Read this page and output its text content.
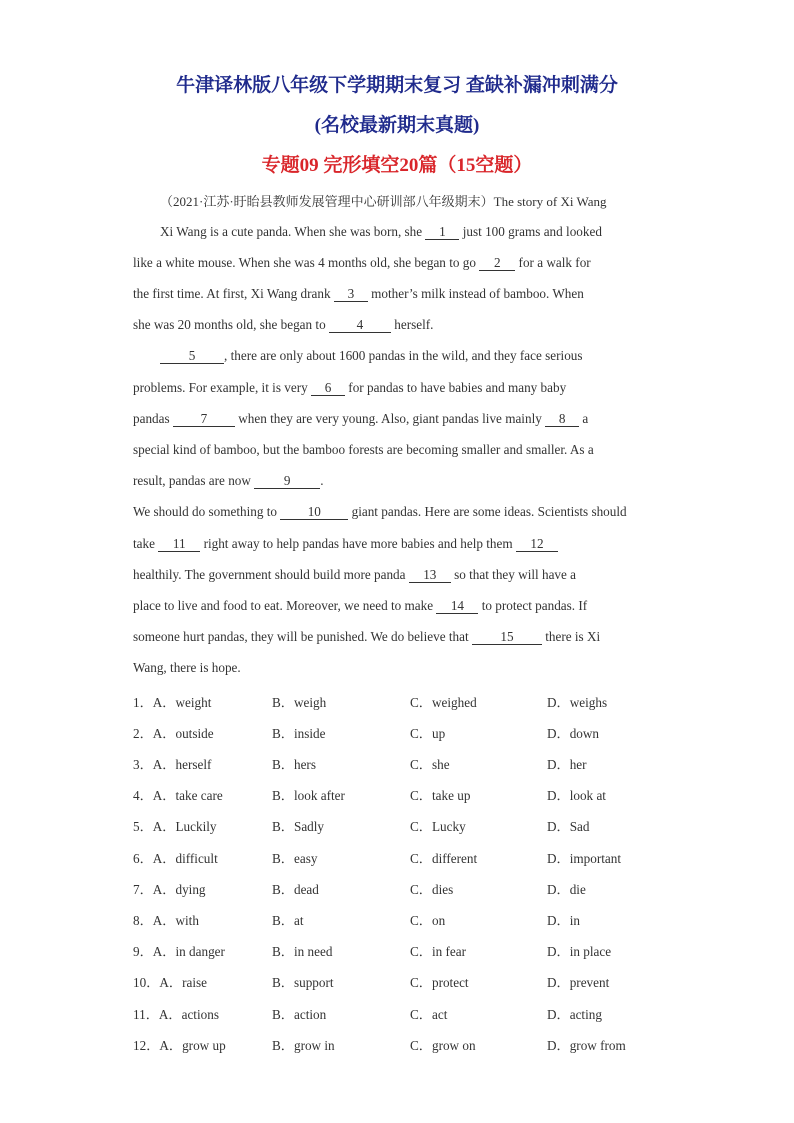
牛津译林版八年级下学期期末复习 查缺补漏冲刺满分
(名校最新期末真题)
专题09 完形填空20篇（15空题）
（2021·江苏·盱眙县教师发展管理中心研训部八年级期末）The story of Xi Wang
Xi Wang is a cute panda. When she was born, she 1 just 100 grams and looked
like a white mouse. When she was 4 months old, she began to go 2 for a walk for
the first time. At first, Xi Wang drank 3 mother’s milk instead of bamboo. When
she was 20 months old, she began to 4 herself.
5 , there are only about 1600 pandas in the wild, and they face serious
problems. For example, it is very 6 for pandas to have babies and many baby
pandas 7 when they are very young. Also, giant pandas live mainly 8 a
special kind of bamboo, but the bamboo forests are becoming smaller and smaller. As a
result, pandas are now 9 .
We should do something to 10 giant pandas. Here are some ideas. Scientists should
take 11 right away to help pandas have more babies and help them 12
healthily. The government should build more panda 13 so that they will have a
place to live and food to eat. Moreover, we need to make 14 to protect pandas. If
someone hurt pandas, they will be punished. We do believe that 15 there is Xi
Wang, there is hope.
1．A．weight	B．weigh	C．weighed	D．weighs
2．A．outside	B．inside	C．up	D．down
3．A．herself	B．hers	C．she	D．her
4．A．take care	B．look after	C．take up	D．look at
5．A．Luckily	B．Sadly	C．Lucky	D．Sad
6．A．difficult	B．easy	C．different	D．important
7．A．dying	B．dead	C．dies	D．die
8．A．with	B．at	C．on	D．in
9．A．in danger	B．in need	C．in fear	D．in place
10．A．raise	B．support	C．protect	D．prevent
11．A．actions	B．action	C．act	D．acting
12．A．grow up	B．grow in	C．grow on	D．grow from
